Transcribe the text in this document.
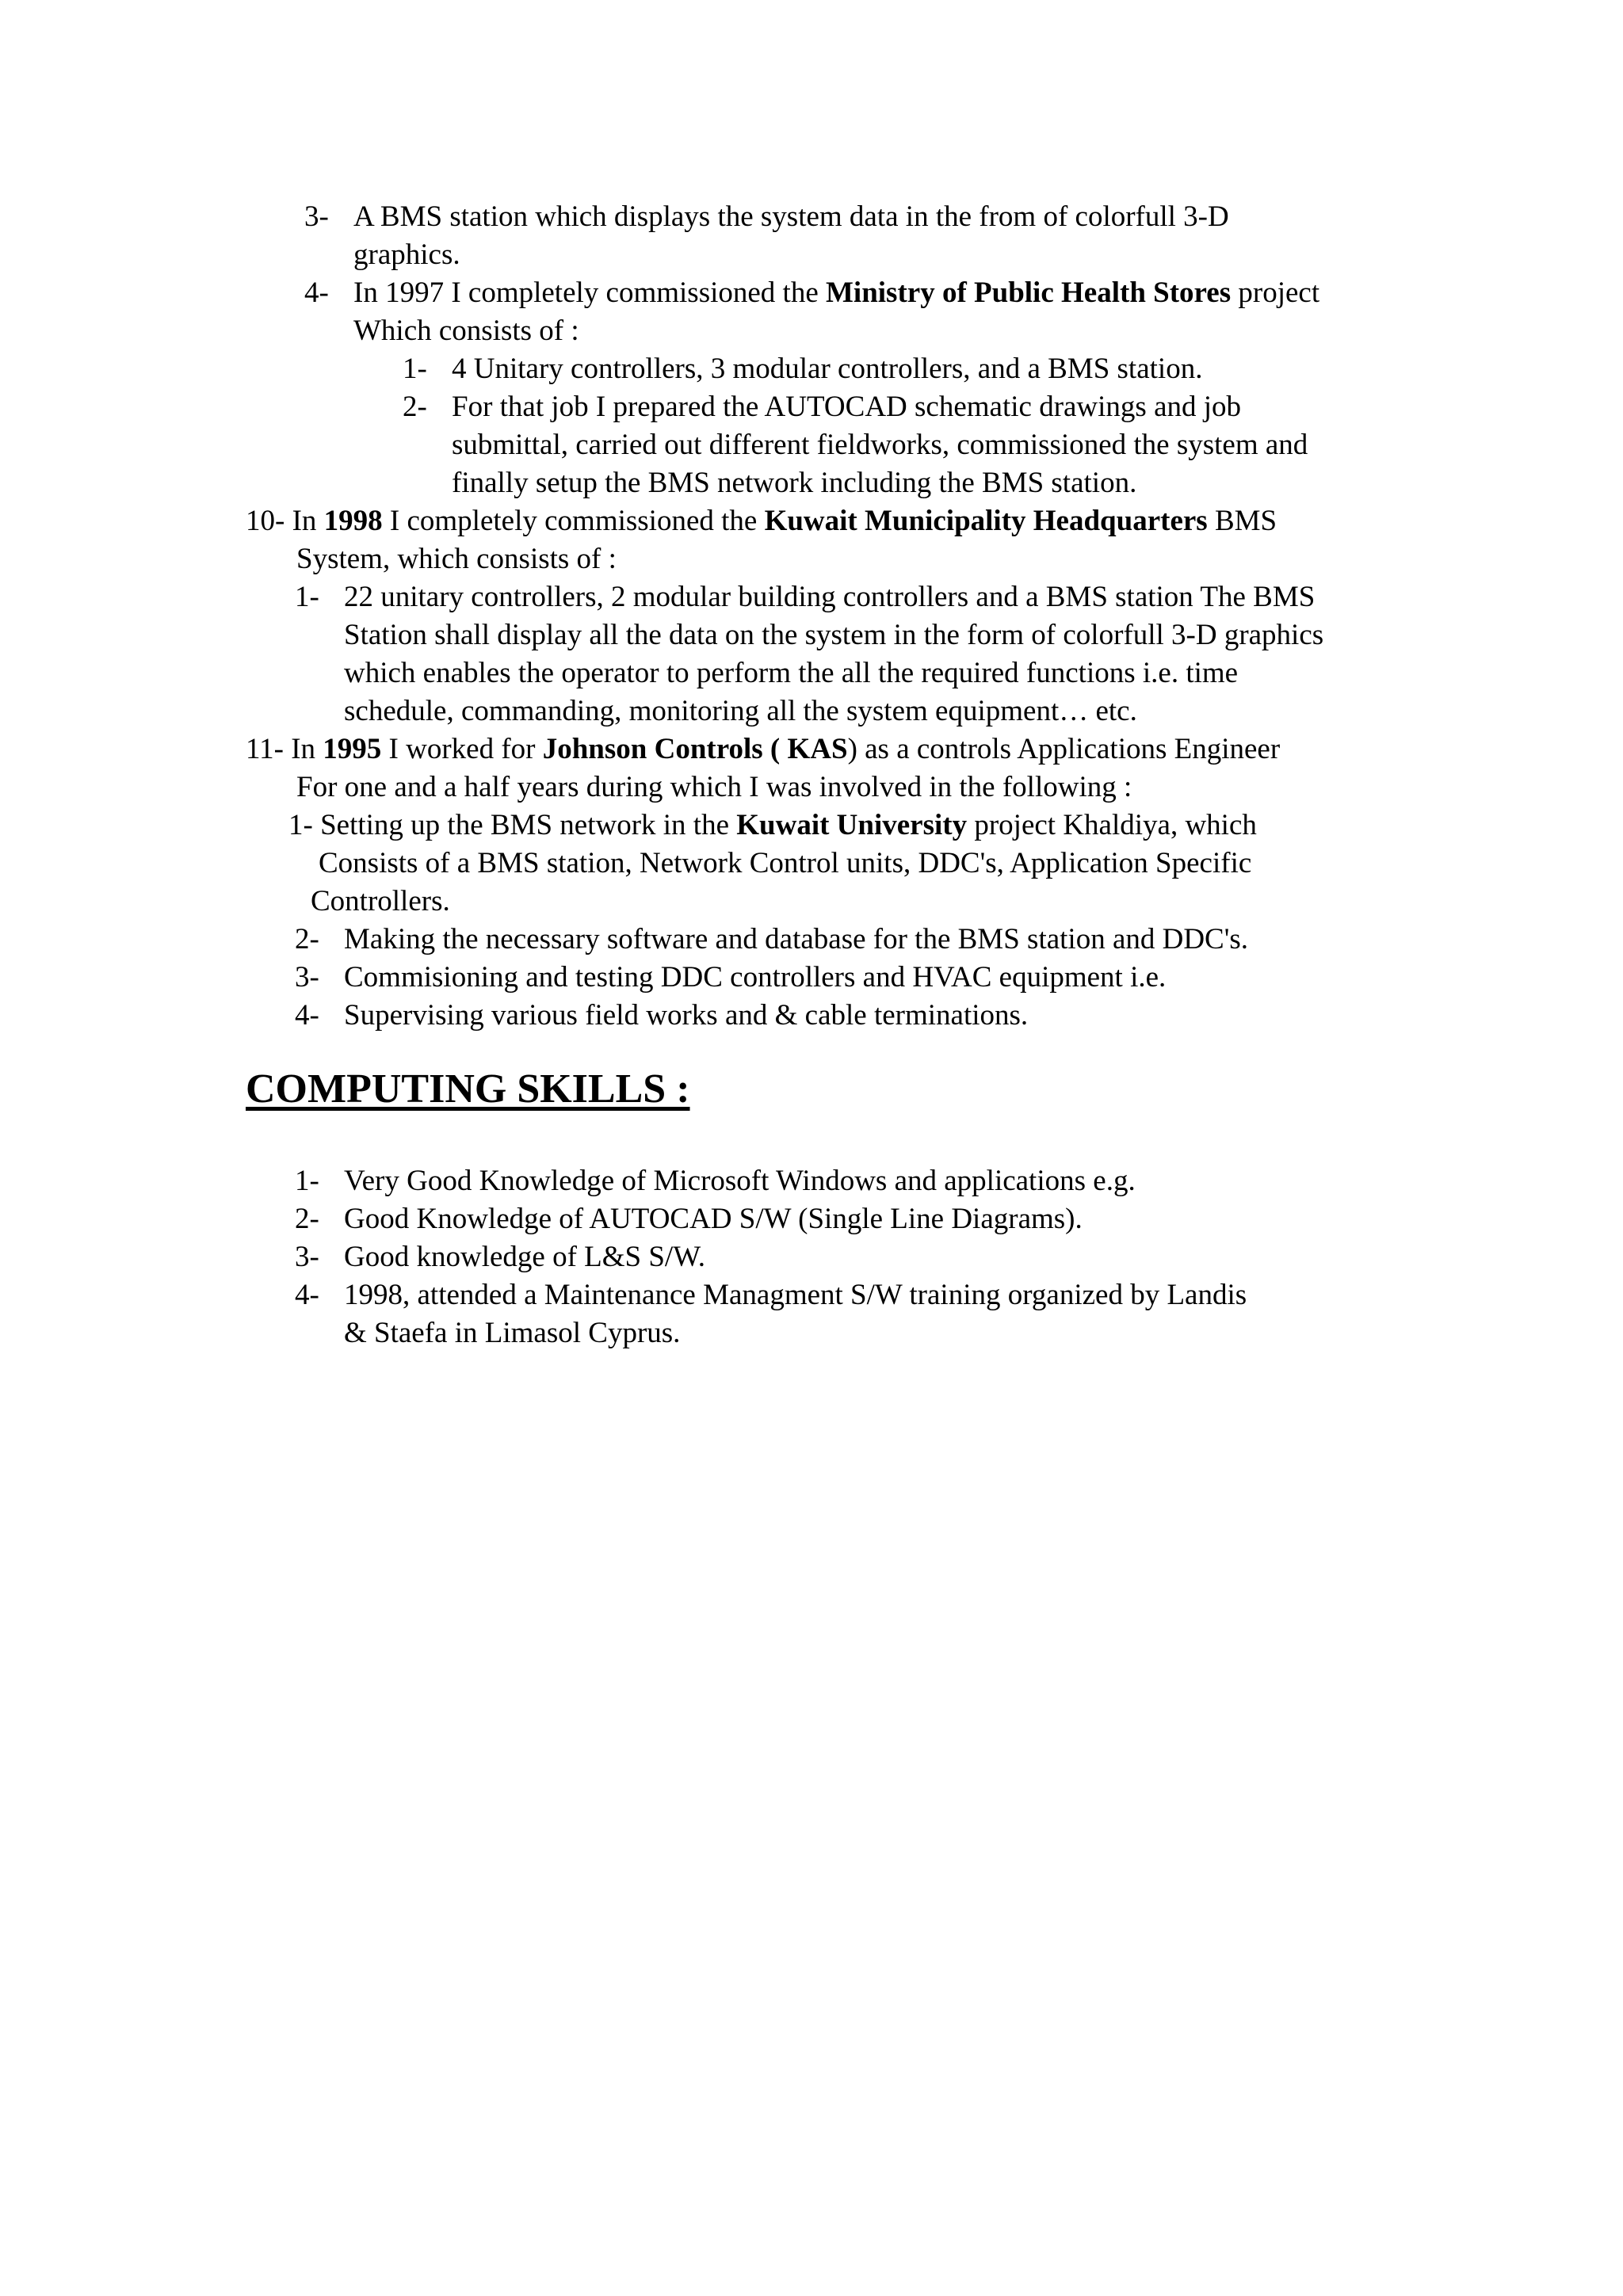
3- A BMS station which displays the system data in the from of colorfull 3-D
graphics.
4- In 1997 I completely commissioned the Ministry of Public Health Stores project
Which consists of :
1- 4 Unitary controllers, 3 modular controllers, and a BMS station.
2- For that job I prepared the AUTOCAD schematic drawings and job
submittal, carried out different fieldworks, commissioned the system and
finally setup the BMS network including the BMS station.
10- In 1998 I completely commissioned the Kuwait Municipality Headquarters BMS
System, which consists of :
1- 22 unitary controllers, 2 modular building controllers and a BMS station The BMS
Station shall display all the data on the system in the form of colorfull 3-D graphics
which enables the operator to perform the all the required functions i.e. time
schedule, commanding, monitoring all the system equipment… etc.
11- In 1995 I worked for Johnson Controls ( KAS) as a controls Applications Engineer
For one and a half years during which I was involved in the following :
1- Setting up the BMS network in the Kuwait University project Khaldiya, which
Consists of a BMS station, Network Control units, DDC's, Application Specific
Controllers.
2- Making the necessary software and database for the BMS station and DDC's.
3- Commisioning and testing DDC controllers and HVAC equipment i.e.
4- Supervising various field works and & cable terminations.
COMPUTING SKILLS :
1- Very Good Knowledge of Microsoft Windows and applications e.g.
2- Good Knowledge of AUTOCAD S/W (Single Line Diagrams).
3- Good knowledge of L&S S/W.
4- 1998, attended a Maintenance Managment S/W training organized by Landis
& Staefa in Limasol Cyprus.
